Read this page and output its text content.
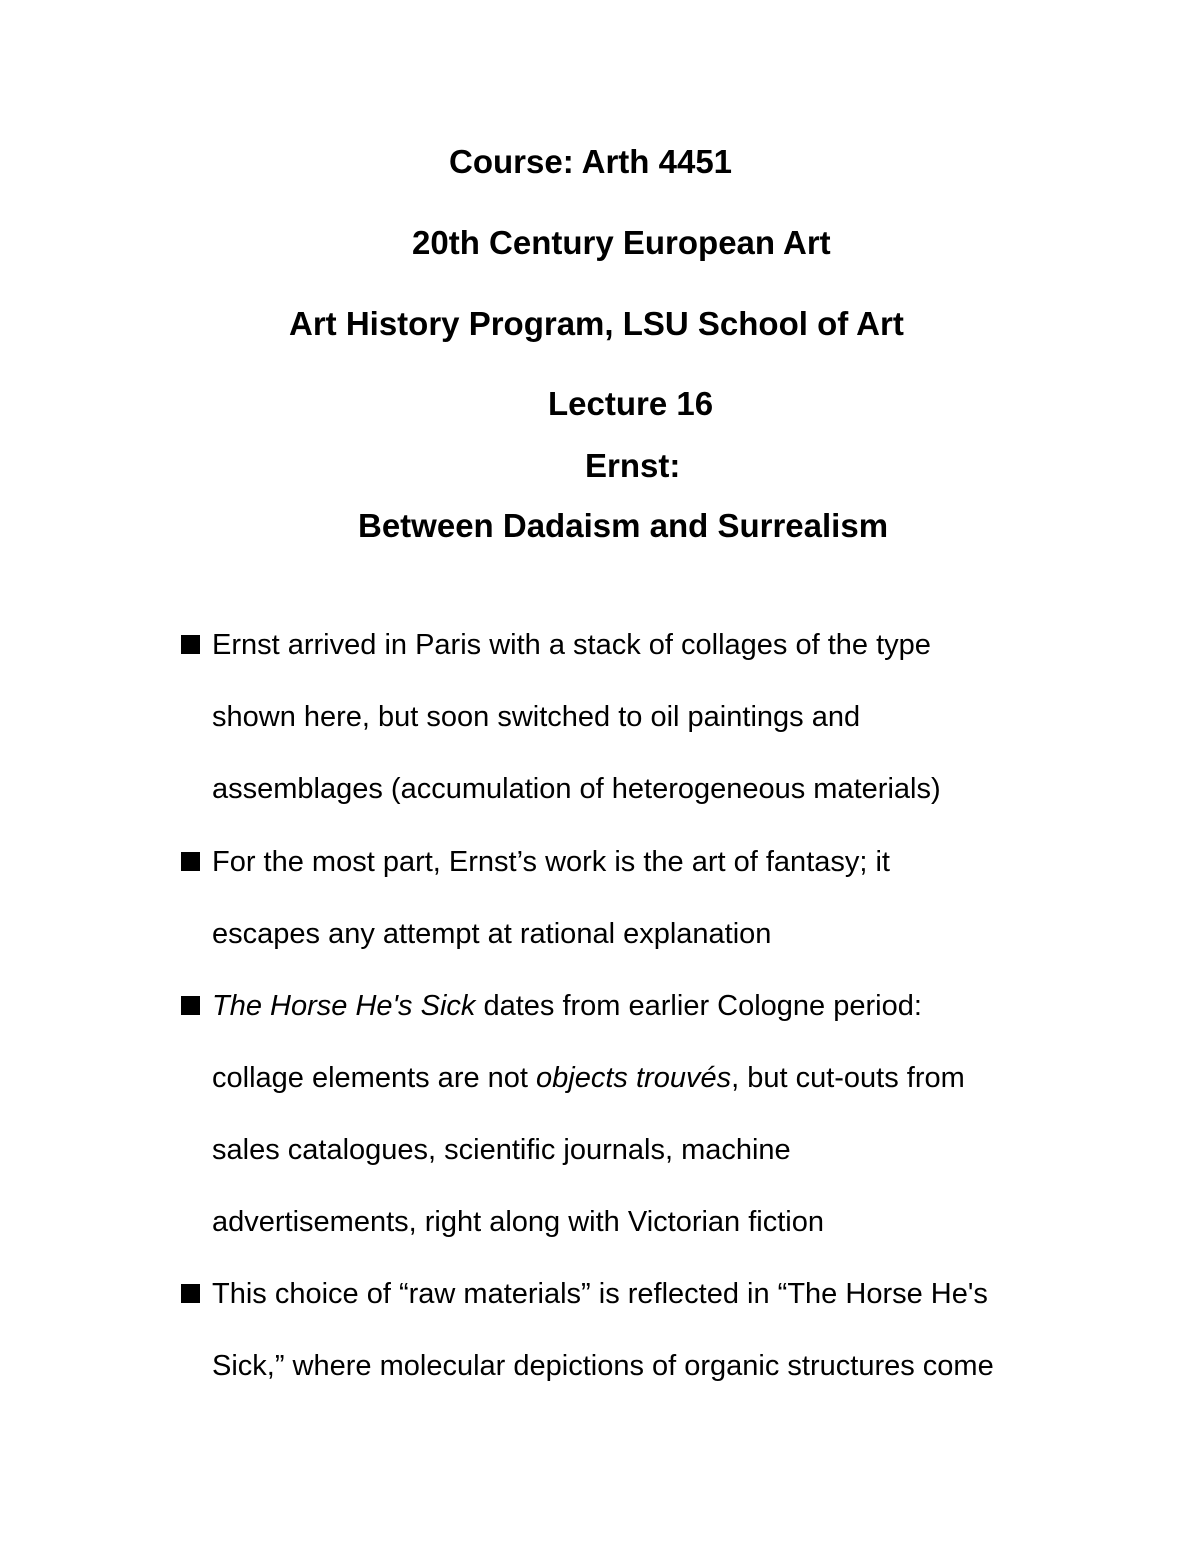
Course: Arth 4451
20th Century European Art
Art History Program, LSU School of Art
Lecture 16
Ernst:
Between Dadaism and Surrealism
Ernst arrived in Paris with a stack of collages of the type
shown here, but soon switched to oil paintings and
assemblages (accumulation of heterogeneous materials)
For the most part, Ernst’s work is the art of fantasy; it
escapes any attempt at rational explanation
The Horse He's Sick dates from earlier Cologne period:
collage elements are not objects trouvés, but cut-outs from
sales catalogues, scientific journals, machine
advertisements, right along with Victorian fiction
This choice of “raw materials” is reflected in “The Horse He's
Sick,” where molecular depictions of organic structures come
